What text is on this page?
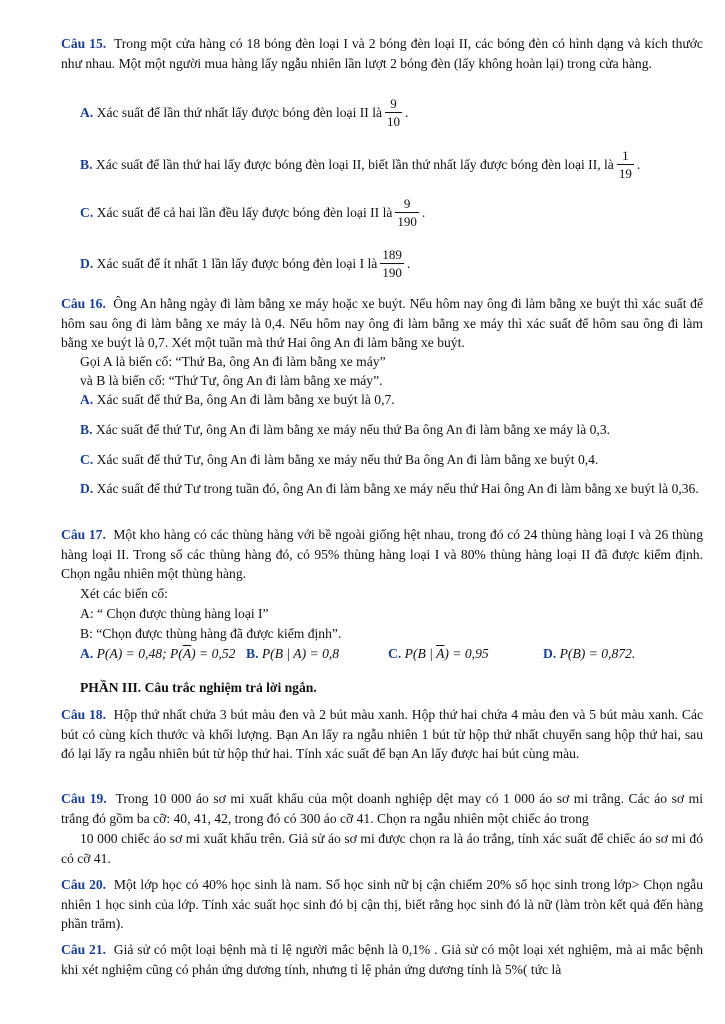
Câu 15. Trong một cửa hàng có 18 bóng đèn loại I và 2 bóng đèn loại II, các bóng đèn có hình dạng và kích thước như nhau. Một một người mua hàng lấy ngẫu nhiên lần lượt 2 bóng đèn (lấy không hoàn lại) trong cửa hàng.
A.
Xác suất để lần thứ nhất lấy được bóng đèn loại II là $\frac{9}{10}$ .
B.
Xác suất để lần thứ hai lấy được bóng đèn loại II, biết lần thứ nhất lấy được bóng đèn loại II, là $\frac{1}{19}$ .
C.
Xác suất để cả hai lần đều lấy được bóng đèn loại II là $\frac{9}{190}$ .
D.
Xác suất để ít nhất 1 lần lấy được bóng đèn loại I là $\frac{189}{190}$ .
Câu 16. Ông An hằng ngày đi làm bằng xe máy hoặc xe buýt. Nếu hôm nay ông đi làm bằng xe buýt thì xác suất để hôm sau ông đi làm bằng xe máy là 0,4. Nếu hôm nay ông đi làm bằng xe máy thì xác suất để hôm sau ông đi làm bằng xe buýt là 0,7. Xét một tuần mà thứ Hai ông An đi làm bằng xe buýt.
Gọi A là biến cố: “Thứ Ba, ông An đi làm bằng xe máy”
và B là biến cố: “Thứ Tư, ông An đi làm bằng xe máy”.
A. Xác suất để thứ Ba, ông An đi làm bằng xe buýt là 0,7.
B. Xác suất để thứ Tư, ông An đi làm bằng xe máy nếu thứ Ba ông An đi làm bằng xe máy là 0,3.
C. Xác suất để thứ Tư, ông An đi làm bằng xe máy nếu thứ Ba ông An đi làm bằng xe buýt 0,4.
D. Xác suất để thứ Tư trong tuần đó, ông An đi làm bằng xe máy nếu thứ Hai ông An đi làm bằng xe buýt là 0,36.
Câu 17. Một kho hàng có các thùng hàng với bề ngoài giống hệt nhau, trong đó có 24 thùng hàng loại I và 26 thùng hàng loại II. Trong số các thùng hàng đó, có 95% thùng hàng loại I và 80% thùng hàng loại II đã được kiểm định. Chọn ngẫu nhiên một thùng hàng.
Xét các biến cố:
A: “ Chọn được thùng hàng loại I”
B: “Chọn được thùng hàng đã được kiểm định”.
A. P(A) = 0,48; $P(\overline{A}) = 0,52$ B. P(B | A) = 0,8	C. P(B | $\overline{A}) = 0,95$	D. P(B) = 0,872.
PHẦN III. Câu trắc nghiệm trả lời ngắn.
Câu 18. Hộp thứ nhất chứa 3 bút màu đen và 2 bút màu xanh. Hộp thứ hai chứa 4 màu đen và 5 bút màu xanh. Các bút có cùng kích thước và khối lượng. Bạn An lấy ra ngẫu nhiên 1 bút từ hộp thứ nhất chuyển sang hộp thứ hai, sau đó lại lấy ra ngẫu nhiên bút từ hộp thứ hai. Tính xác suất để bạn An lấy được hai bút cùng màu.
Câu 19. Trong 10 000 áo sơ mi xuất khẩu của một doanh nghiệp dệt may có 1 000 áo sơ mi trắng. Các áo sơ mi trắng đó gồm ba cỡ: 40, 41, 42, trong đó có 300 áo cỡ 41. Chọn ra ngẫu nhiên một chiếc áo trong
10 000 chiếc áo sơ mi xuất khẩu trên. Giả sử áo sơ mi được chọn ra là áo trắng, tính xác suất để chiếc áo sơ mi đó có cỡ 41.
Câu 20. Một lớp học có 40% học sinh là nam. Số học sinh nữ bị cận chiếm 20% số học sinh trong lớp> Chọn ngẫu nhiên 1 học sinh của lớp. Tính xác suất học sinh đó bị cận thị, biết rằng học sinh đó là nữ (làm tròn kết quả đến hàng phần trăm).
Câu 21. Giả sử có một loại bệnh mà tỉ lệ người mắc bệnh là 0,1% . Giả sử có một loại xét nghiệm, mà ai mắc bệnh khi xét nghiệm cũng có phản ứng dương tính, nhưng tỉ lệ phản ứng dương tính là 5%( tức là
